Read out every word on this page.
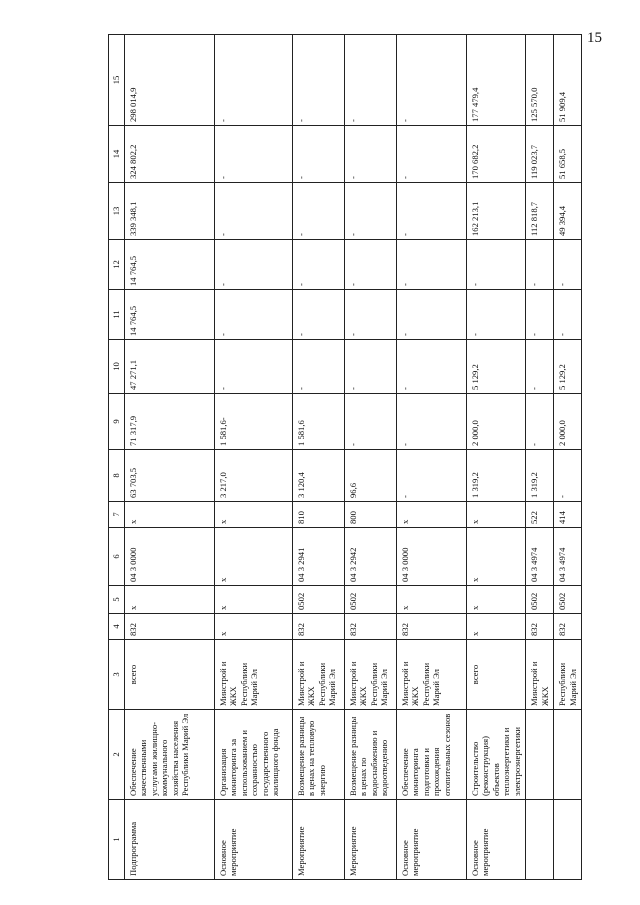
15
1	2	3	4	5	6	7	8	9	10	11	12	13	14	15
Подпрограмма	Обеспечение качественными услугами жилищно-коммунального хозяйства населения Республики Марий Эл	всего	832	x	04 3 0000	x	63 703,5	71 317,9	47 271,1	14 764,5	14 764,5	339 348,1	324 802,2	298 014,9
Основное мероприятие	Организация мониторинга за использованием и сохранностью государственного жилищного фонда	Минстрой и ЖКХ Республики Марий Эл	x	x	x	x	3 217,0	1 581,6-	-	-	-	-	-	-
Мероприятие	Возмещение разницы в ценах на тепловую энергию	Минстрой и ЖКХ Республики Марий Эл	832	0502	04 3 2941	810	3 120,4	1 581,6	-	-	-	-	-	-
Мероприятие	Возмещение разницы в ценах по водоснабжению и водоотведению	Минстрой и ЖКХ Республики Марий Эл	832	0502	04 3 2942	800	96,6	-	-	-	-	-	-	-
Основное мероприятие	Обеспечение мониторинга подготовки и прохождения отопительных сезонов	Минстрой и ЖКХ Республики Марий Эл	832	x	04 3 0000	x	-	-	-	-	-	-	-	-
Основное мероприятие	Строительство (реконструкция) объектов теплоэнергетики и электроэнергетики	всего	x	x	x	x	1 319,2	2 000,0	5 129,2	-	-	162 213,1	170 682,2	177 479,4
		Минстрой и ЖКХ	832	0502	04 3 4974	522	1 319,2	-	-	-	-	112 818,7	119 023,7	125 570,0
		Республики Марий Эл	832	0502	04 3 4974	414	-	2 000,0	5 129,2	-	-	49 394,4	51 658,5	51 909,4
